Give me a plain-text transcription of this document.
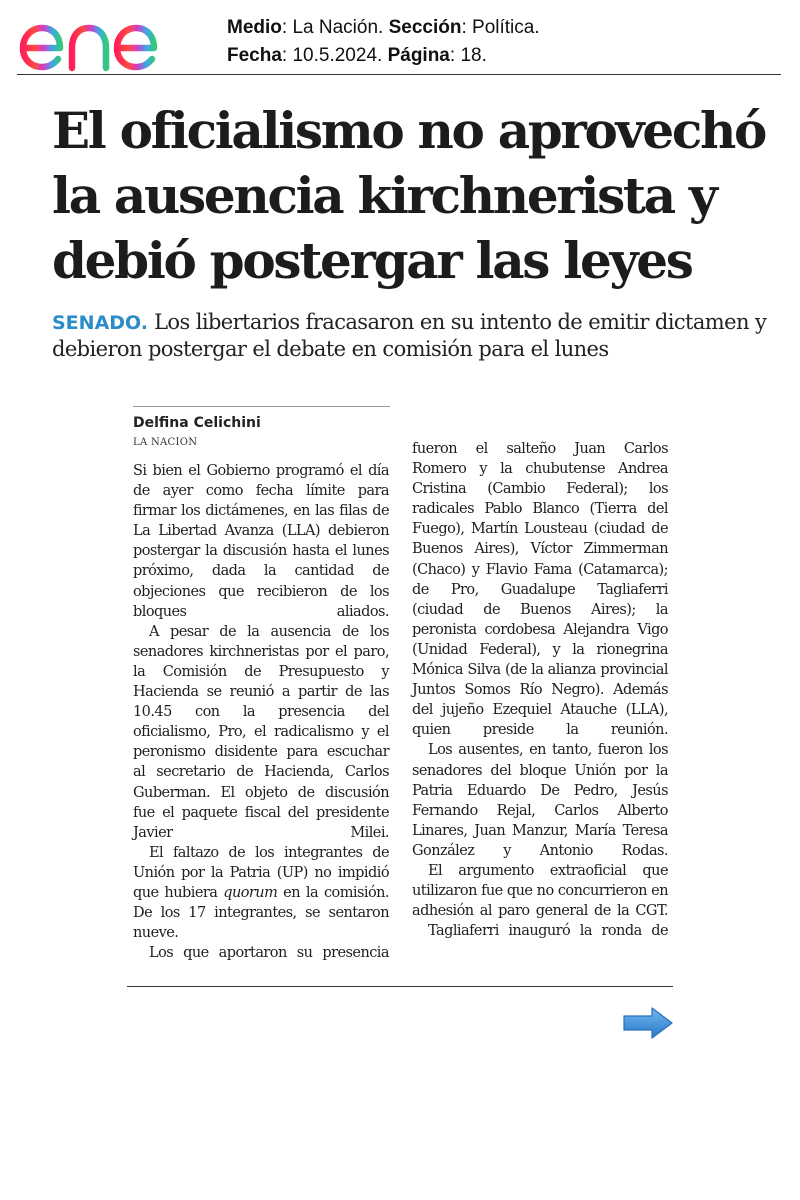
Medio: La Nación. Sección: Política.
Fecha: 10.5.2024. Página: 18.
El oficialismo no aprovechó
la ausencia kirchnerista y
debió postergar las leyes

SENADO. Los libertarios fracasaron en su intento de emitir dictamen y debieron postergar el debate en comisión para el lunes

Delfina Celichini
LA NACION

Si bien el Gobierno programó el día de ayer como fecha límite para firmar los dictámenes, en las filas de La Libertad Avanza (LLA) debieron postergar la discusión hasta el lunes próximo, dada la cantidad de objeciones que recibieron de los bloques aliados.

A pesar de la ausencia de los senadores kirchneristas por el paro, la Comisión de Presupuesto y Hacienda se reunió a partir de las 10.45 con la presencia del oficialismo, Pro, el radicalismo y el peronismo disidente para escuchar al secretario de Hacienda, Carlos Guberman. El objeto de discusión fue el paquete fiscal del presidente Javier Milei.

El faltazo de los integrantes de Unión por la Patria (UP) no impidió que hubiera quorum en la comisión. De los 17 integrantes, se sentaron nueve.

Los que aportaron su presencia

fueron el salteño Juan Carlos Romero y la chubutense Andrea Cristina (Cambio Federal); los radicales Pablo Blanco (Tierra del Fuego), Martín Lousteau (ciudad de Buenos Aires), Víctor Zimmerman (Chaco) y Flavio Fama (Catamarca); de Pro, Guadalupe Tagliaferri (ciudad de Buenos Aires); la peronista cordobesa Alejandra Vigo (Unidad Federal), y la rionegrina Mónica Silva (de la alianza provincial Juntos Somos Río Negro). Además del jujeño Ezequiel Atauche (LLA), quien preside la reunión.

Los ausentes, en tanto, fueron los senadores del bloque Unión por la Patria Eduardo De Pedro, Jesús Fernando Rejal, Carlos Alberto Linares, Juan Manzur, María Teresa González y Antonio Rodas.

El argumento extraoficial que utilizaron fue que no concurrieron en adhesión al paro general de la CGT.

Tagliaferri inauguró la ronda de
